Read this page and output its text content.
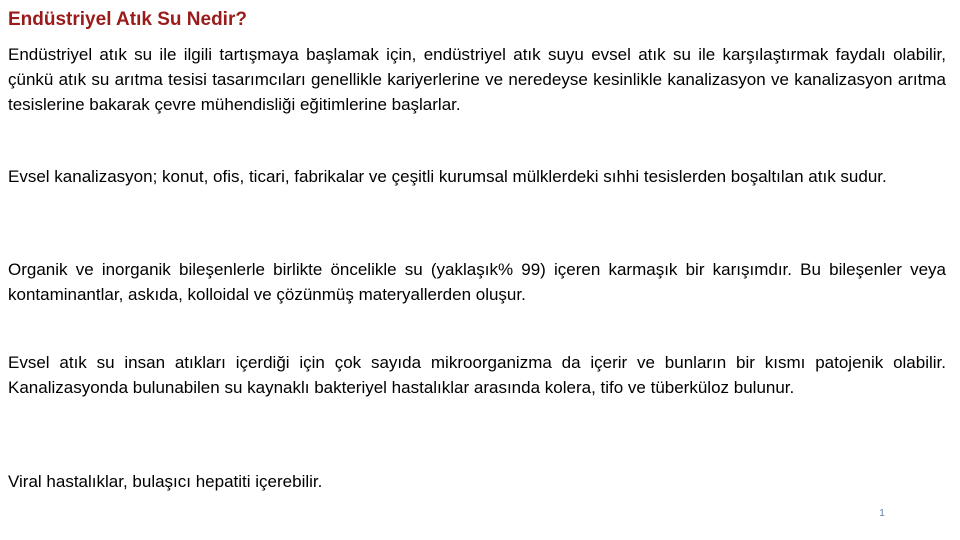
Endüstriyel Atık Su Nedir?

Endüstriyel atık su ile ilgili tartışmaya başlamak için, endüstriyel atık suyu evsel atık su ile karşılaştırmak faydalı olabilir, çünkü atık su arıtma tesisi tasarımcıları genellikle kariyerlerine ve neredeyse kesinlikle kanalizasyon ve kanalizasyon arıtma tesislerine bakarak çevre mühendisliği eğitimlerine başlarlar.

Evsel kanalizasyon; konut, ofis, ticari, fabrikalar ve çeşitli kurumsal mülklerdeki sıhhi tesislerden boşaltılan atık sudur.

Organik ve inorganik bileşenlerle birlikte öncelikle su (yaklaşık% 99) içeren karmaşık bir karışımdır. Bu bileşenler veya kontaminantlar, askıda, kolloidal ve çözünmüş materyallerden oluşur.

Evsel atık su insan atıkları içerdiği için çok sayıda mikroorganizma da içerir ve bunların bir kısmı patojenik olabilir. Kanalizasyonda bulunabilen su kaynaklı bakteriyel hastalıklar arasında kolera, tifo ve tüberküloz bulunur.

Viral hastalıklar, bulaşıcı hepatiti içerebilir.

1
